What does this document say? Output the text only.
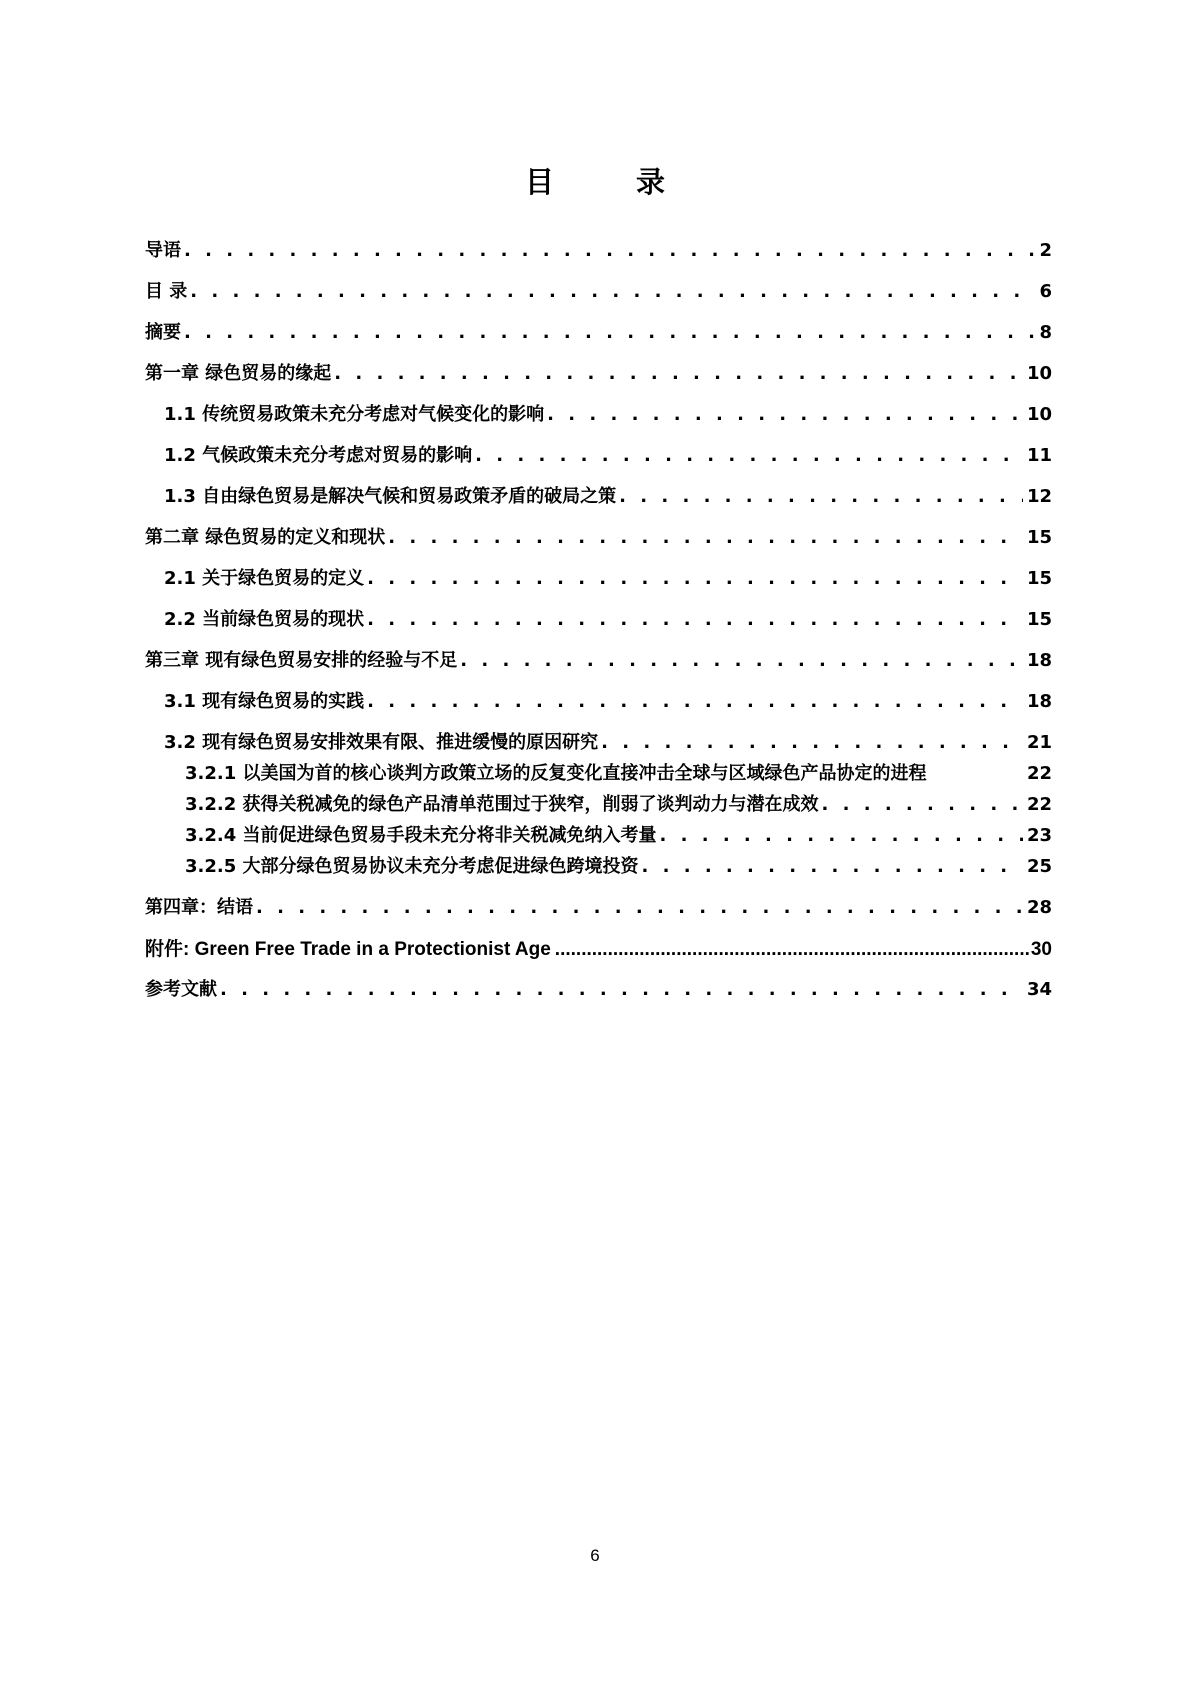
目 录
导语 . . .	2
目 录 . . .	6
摘要 . . .	8
第一章 绿色贸易的缘起 . . .	10
1.1 传统贸易政策未充分考虑对气候变化的影响 . . .	10
1.2 气候政策未充分考虑对贸易的影响 . . .	11
1.3 自由绿色贸易是解决气候和贸易政策矛盾的破局之策 . . .	12
第二章 绿色贸易的定义和现状 . . .	15
2.1 关于绿色贸易的定义 . . .	15
2.2 当前绿色贸易的现状 . . .	15
第三章 现有绿色贸易安排的经验与不足 . . .	18
3.1 现有绿色贸易的实践 . . .	18
3.2 现有绿色贸易安排效果有限、推进缓慢的原因研究 . . .	21
3.2.1 以美国为首的核心谈判方政策立场的反复变化直接冲击全球与区域绿色产品协定的进程	22
3.2.2 获得关税减免的绿色产品清单范围过于狭窄，削弱了谈判动力与潜在成效 . . .	22
3.2.4 当前促进绿色贸易手段未充分将非关税减免纳入考量 . . .	23
3.2.5 大部分绿色贸易协议未充分考虑促进绿色跨境投资 . . .	25
第四章：结语 . . .	28
附件: Green Free Trade in a Protectionist Age .....	30
参考文献 . . .	34
6
